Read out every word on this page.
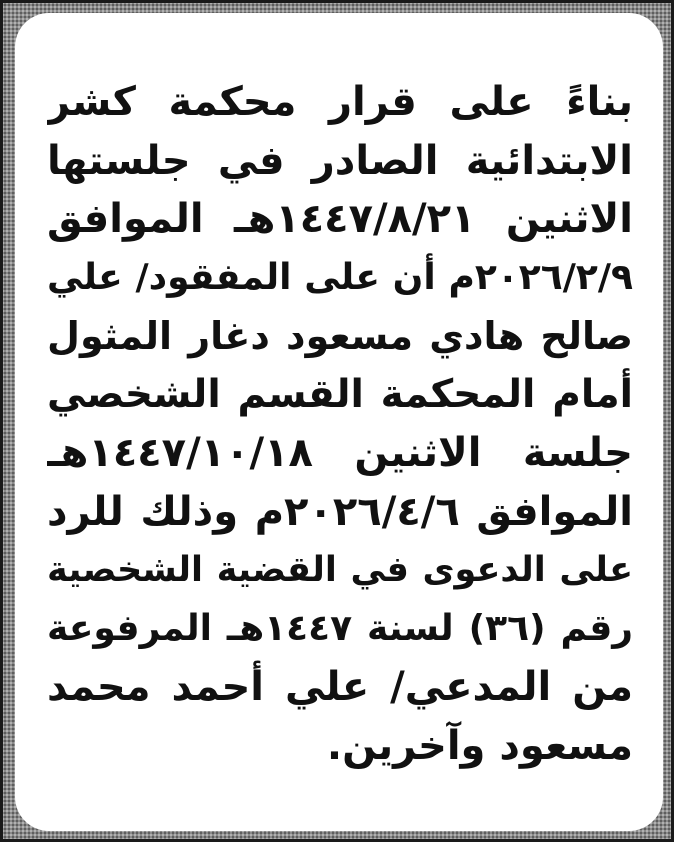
بناءً على قرار محكمة كشر
الابتدائية الصادر في جلستها
الاثنين ١٤٤٧/٨/٢١هـ الموافق
٢٠٢٦/٢/٩م أن على المفقود/ علي
صالح هادي مسعود دغار المثول
أمام المحكمة القسم الشخصي
جلسة الاثنين ١٤٤٧/١٠/١٨هـ
الموافق ٢٠٢٦/٤/٦م وذلك للرد
على الدعوى في القضية الشخصية
رقم (٣٦) لسنة ١٤٤٧هـ المرفوعة
من المدعي/ علي أحمد محمد
مسعود وآخرين.
